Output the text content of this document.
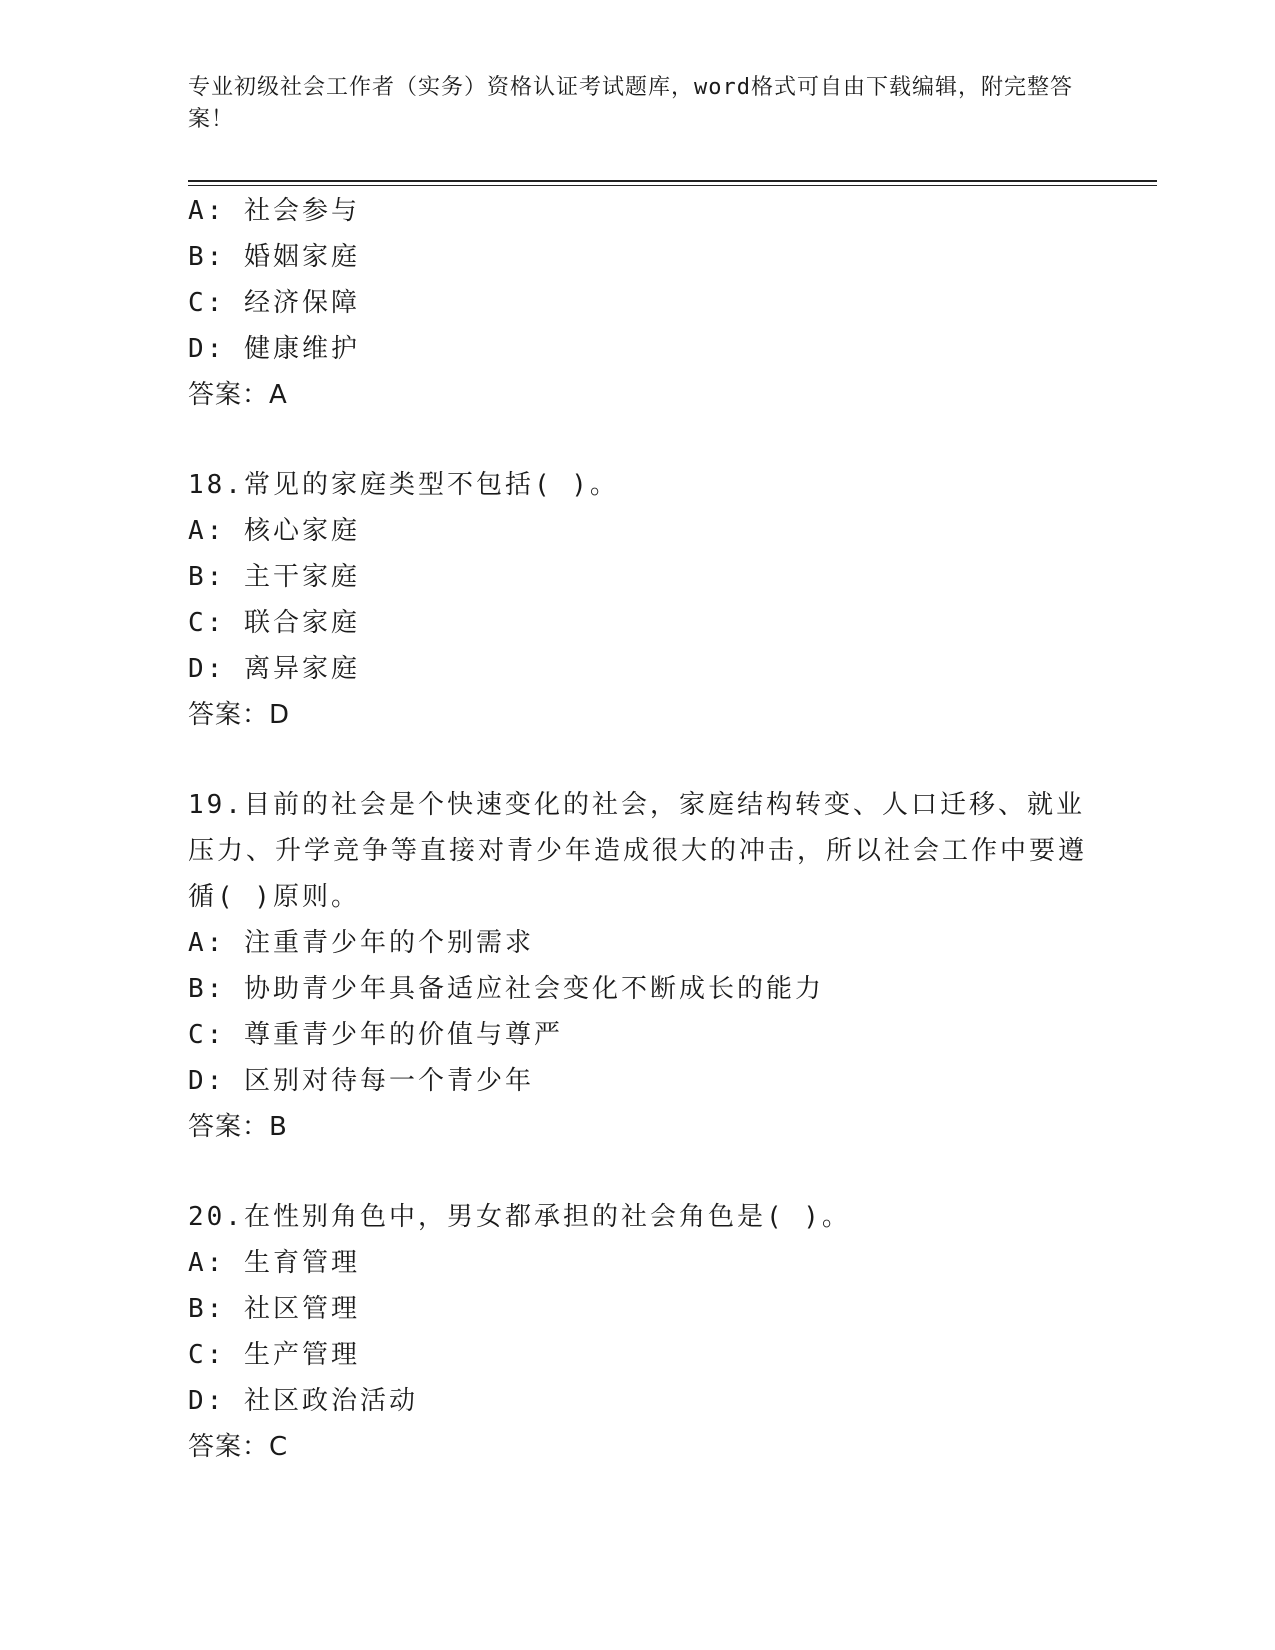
专业初级社会工作者（实务）资格认证考试题库，word格式可自由下载编辑，附完整答案！
A: 社会参与
B: 婚姻家庭
C: 经济保障
D: 健康维护
答案：A
18.常见的家庭类型不包括( )。
A: 核心家庭
B: 主干家庭
C: 联合家庭
D: 离异家庭
答案：D
19.目前的社会是个快速变化的社会，家庭结构转变、人口迁移、就业压力、升学竞争等直接对青少年造成很大的冲击，所以社会工作中要遵循( )原则。
A: 注重青少年的个别需求
B: 协助青少年具备适应社会变化不断成长的能力
C: 尊重青少年的价值与尊严
D: 区别对待每一个青少年
答案：B
20.在性别角色中，男女都承担的社会角色是( )。
A: 生育管理
B: 社区管理
C: 生产管理
D: 社区政治活动
答案：C
